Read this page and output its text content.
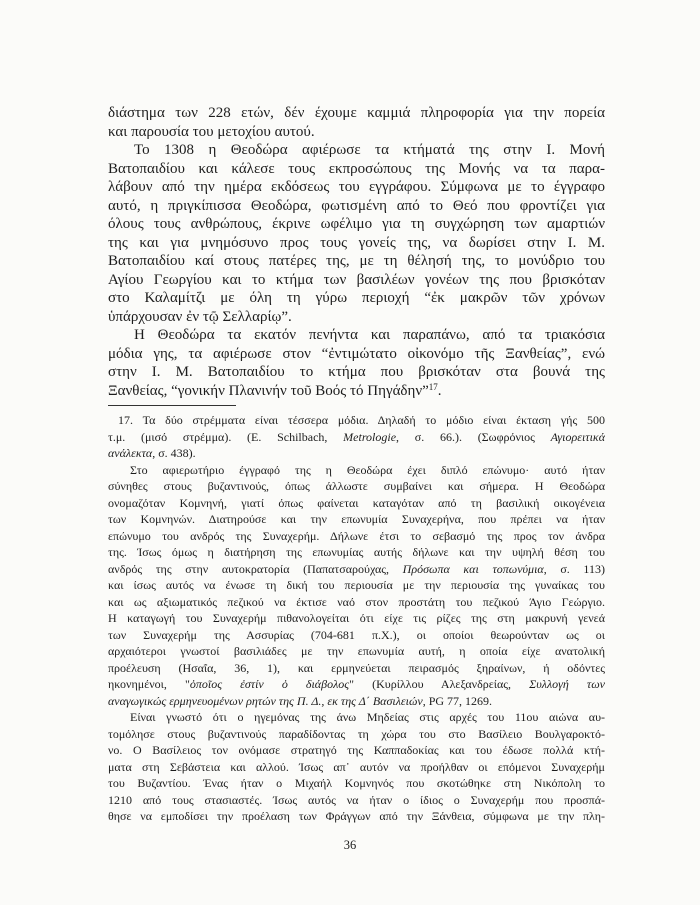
διάστημα των 228 ετών, δέν έχουμε καμμιά πληροφορία για την πορεία
και παρουσία του μετοχίου αυτού.
Το 1308 η Θεοδώρα αφιέρωσε τα κτήματά της στην Ι. Μονή
Βατοπαιδίου και κάλεσε τους εκπροσώπους της Μονής να τα παρα-
λάβουν από την ημέρα εκδόσεως του εγγράφου. Σύμφωνα με το έγγραφο
αυτό, η πριγκίπισσα Θεοδώρα, φωτισμένη από το Θεό που φροντίζει για
όλους τους ανθρώπους, έκρινε ωφέλιμο για τη συγχώρηση των αμαρτιών
της και για μνημόσυνο προς τους γονείς της, να δωρίσει στην Ι. Μ.
Βατοπαιδίου καί στους πατέρες της, με τη θέλησή της, το μονύδριο του
Αγίου Γεωργίου και το κτήμα των βασιλέων γονέων της που βρισκόταν
στο Καλαμίτζι με όλη τη γύρω περιοχή “ἐκ μακρῶν τῶν χρόνων
ὑπάρχουσαν ἐν τῷ Σελλαρίῳ”.
Η Θεοδώρα τα εκατόν πενήντα και παραπάνω, από τα τριακόσια
μόδια γης, τα αφιέρωσε στον “ἐντιμώτατο οἰκονόμο τῆς Ξανθείας”, ενώ
στην Ι. Μ. Βατοπαιδίου το κτήμα που βρισκόταν στα βουνά της
Ξανθείας, “γονικήν Πλανινήν τοῦ Βοός τό Πηγάδην”$^{17}$.
17. Τα δύο στρέμματα είναι τέσσερα μόδια. Δηλαδή το μόδιο είναι έκταση γής 500
τ.μ. (μισό στρέμμα). (E. Schilbach, Metrologie, σ. 66.). (Σωφρόνιος Αγιορειτικά
ανάλεκτα, σ. 438).
Στο αφιερωτήριο έγγραφό της η Θεοδώρα έχει διπλό επώνυμο· αυτό ήταν
σύνηθες στους βυζαντινούς, όπως άλλωστε συμβαίνει και σήμερα. Η Θεοδώρα
ονομαζόταν Κομνηνή, γιατί όπως φαίνεται καταγόταν από τη βασιλική οικογένεια
των Κομνηνών. Διατηρούσε και την επωνυμία Συναχερήνα, που πρέπει να ήταν
επώνυμο του ανδρός της Συναχερήμ. Δήλωνε έτσι το σεβασμό της προς τον άνδρα
της. Ίσως όμως η διατήρηση της επωνυμίας αυτής δήλωνε και την υψηλή θέση του
ανδρός της στην αυτοκρατορία (Παπατσαρούχας, Πρόσωπα και τοπωνύμια, σ. 113)
και ίσως αυτός να ένωσε τη δική του περιουσία με την περιουσία της γυναίκας του
και ως αξιωματικός πεζικού να έκτισε ναό στον προστάτη του πεζικού Άγιο Γεώργιο.
Η καταγωγή του Συναχερήμ πιθανολογείται ότι είχε τις ρίζες της στη μακρυνή γενεά
των Συναχερήμ της Ασσυρίας (704-681 π.Χ.), οι οποίοι θεωρούνταν ως οι
αρχαιότεροι γνωστοί βασιλιάδες με την επωνυμία αυτή, η οποία είχε ανατολική
προέλευση (Ησαΐα, 36, 1), και ερμηνεύεται πειρασμός ξηραίνων, ή οδόντες
ηκονημένοι, "ὁποῖος ἐστίν ὁ διάβολος" (Κυρίλλου Αλεξανδρείας, Συλλογή των
αναγωγικώς ερμηνευομένων ρητών της Π. Δ., εκ της Δ΄ Βασιλειών, PG 77, 1269.
Είναι γνωστό ότι ο ηγεμόνας της άνω Μηδείας στις αρχές του 11ου αιώνα αυ-
τομόλησε στους βυζαντινούς παραδίδοντας τη χώρα του στο Βασίλειο Βουλγαροκτό-
νο. Ο Βασίλειος τον ονόμασε στρατηγό της Καππαδοκίας και του έδωσε πολλά κτή-
ματα στη Σεβάστεια και αλλού. Ίσως απ᾽ αυτόν να προήλθαν οι επόμενοι Συναχερήμ
του Βυζαντίου. Ένας ήταν ο Μιχαήλ Κομνηνός που σκοτώθηκε στη Νικόπολη το
1210 από τους στασιαστές. Ίσως αυτός να ήταν ο ίδιος ο Συναχερήμ που προσπά-
θησε να εμποδίσει την προέλαση των Φράγγων από την Ξάνθεια, σύμφωνα με την πλη-
36
